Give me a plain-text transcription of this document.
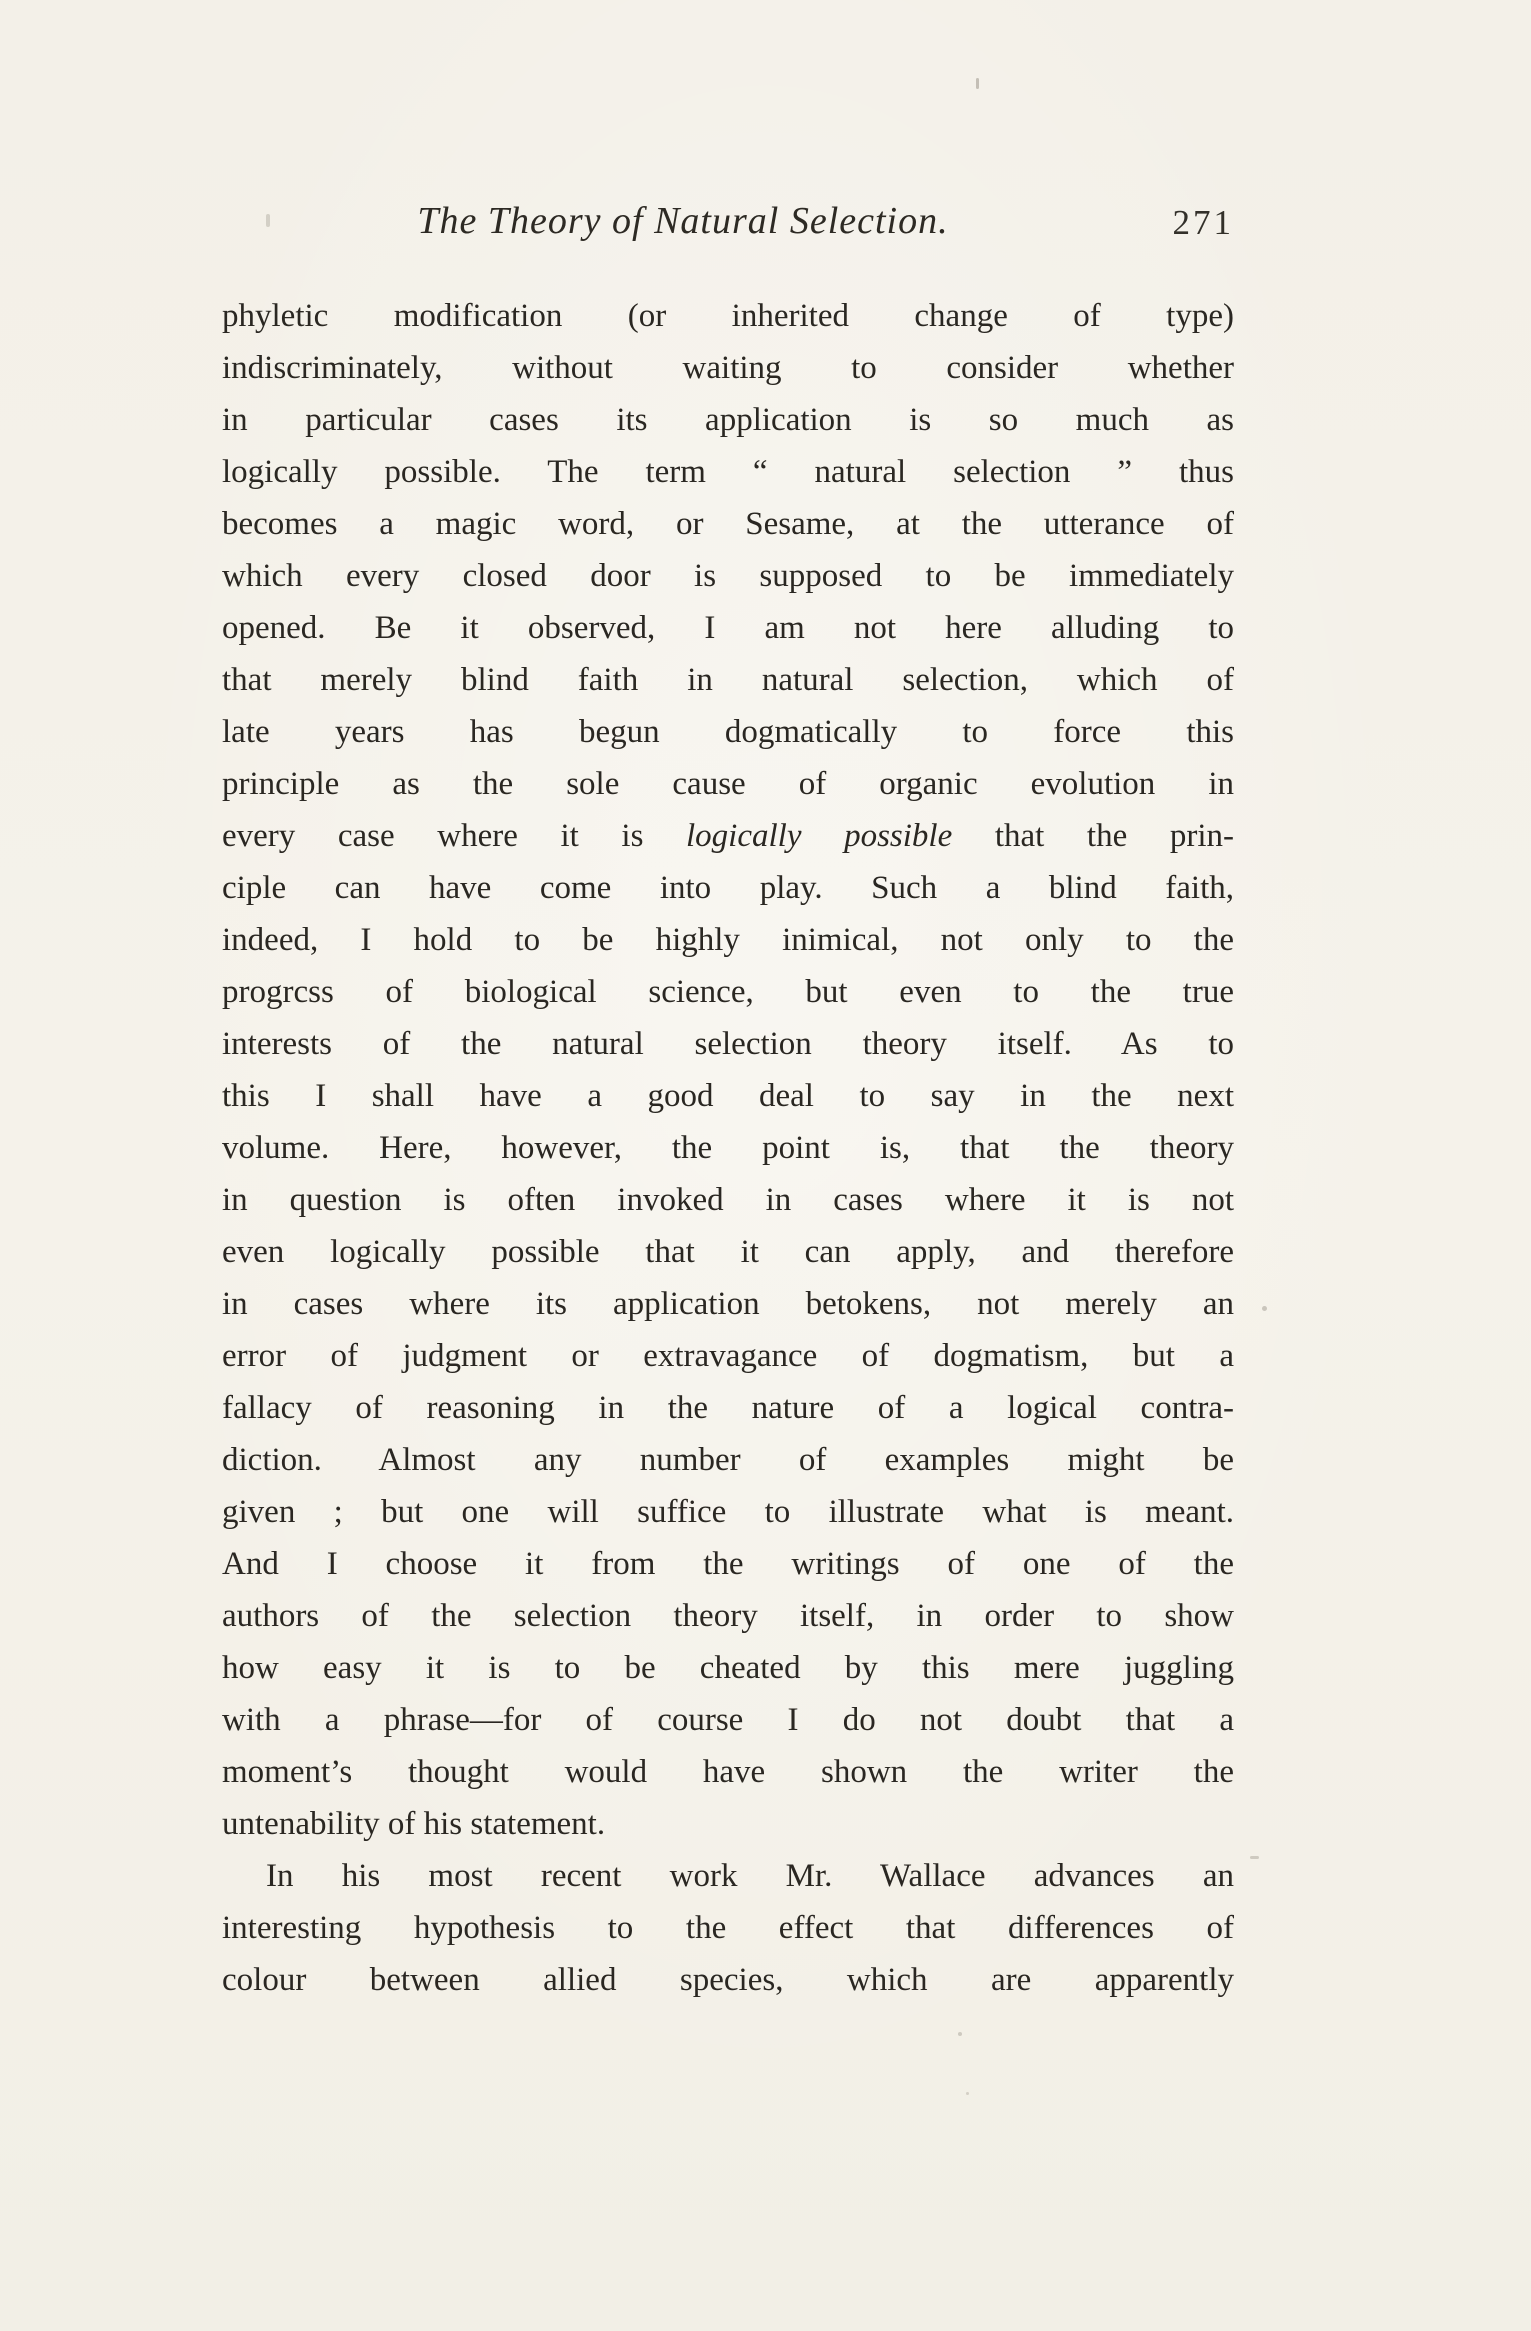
The Theory of Natural Selection.	271
phyletic modification (or inherited change of type)
indiscriminately, without waiting to consider whether
in particular cases its application is so much as
logically possible. The term “ natural selection ” thus
becomes a magic word, or Sesame, at the utterance of
which every closed door is supposed to be immediately
opened. Be it observed, I am not here alluding to
that merely blind faith in natural selection, which of
late years has begun dogmatically to force this
principle as the sole cause of organic evolution in
every case where it is logically possible that the prin-
ciple can have come into play. Such a blind faith,
indeed, I hold to be highly inimical, not only to the
progrcss of biological science, but even to the true
interests of the natural selection theory itself. As to
this I shall have a good deal to say in the next
volume. Here, however, the point is, that the theory
in question is often invoked in cases where it is not
even logically possible that it can apply, and therefore
in cases where its application betokens, not merely an
error of judgment or extravagance of dogmatism, but a
fallacy of reasoning in the nature of a logical contra-
diction. Almost any number of examples might be
given ; but one will suffice to illustrate what is meant.
And I choose it from the writings of one of the
authors of the selection theory itself, in order to show
how easy it is to be cheated by this mere juggling
with a phrase—for of course I do not doubt that a
moment’s thought would have shown the writer the
untenability of his statement.
In his most recent work Mr. Wallace advances an
interesting hypothesis to the effect that differences of
colour between allied species, which are apparently
